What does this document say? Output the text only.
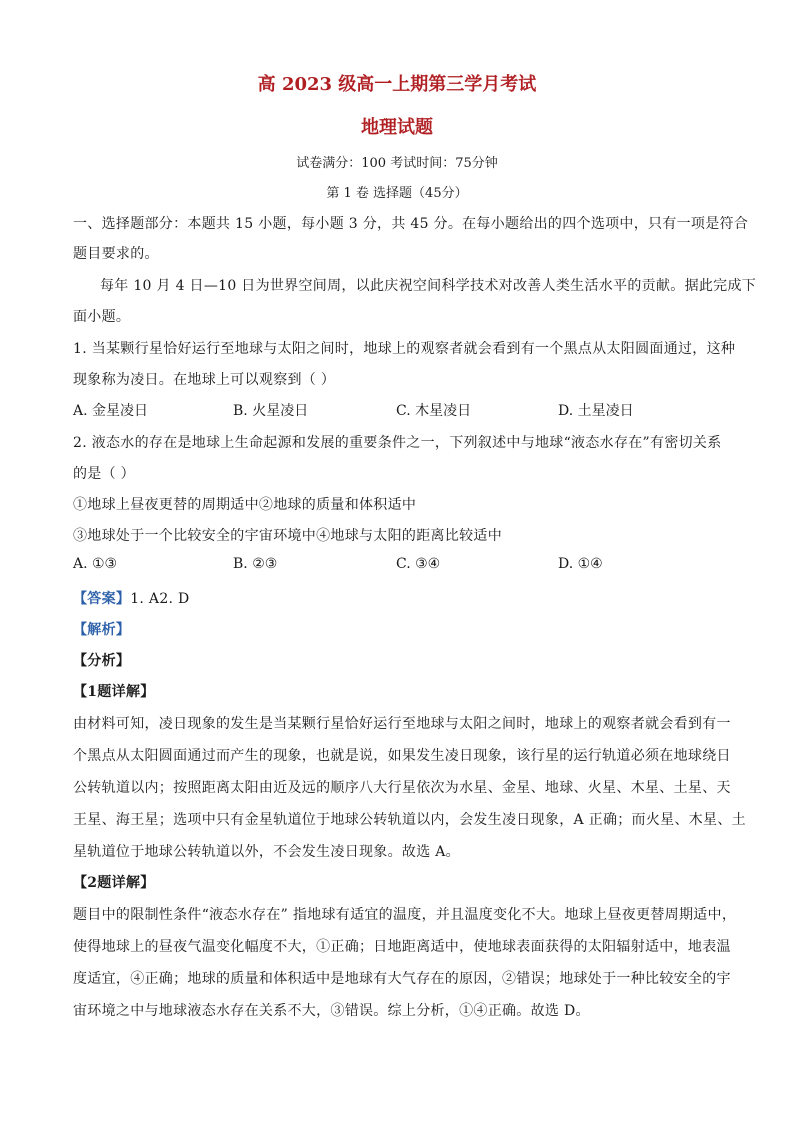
高 2023 级高一上期第三学月考试
地理试题
试卷满分：100 考试时间：75分钟
第 1 卷 选择题（45分）
一、选择题部分：本题共 15 小题，每小题 3 分，共 45 分。在每小题给出的四个选项中，只有一项是符合
题目要求的。
每年 10 月 4 日—10 日为世界空间周，以此庆祝空间科学技术对改善人类生活水平的贡献。据此完成下
面小题。
1. 当某颗行星恰好运行至地球与太阳之间时，地球上的观察者就会看到有一个黑点从太阳圆面通过，这种
现象称为凌日。在地球上可以观察到（ ）
A. 金星凌日	B. 火星凌日	C. 木星凌日	D. 土星凌日
2. 液态水的存在是地球上生命起源和发展的重要条件之一，下列叙述中与地球“液态水存在”有密切关系
的是（ ）
①地球上昼夜更替的周期适中②地球的质量和体积适中
③地球处于一个比较安全的宇宙环境中④地球与太阳的距离比较适中
A. ①③	B. ②③	C. ③④	D. ①④
【答案】1. A2. D
【解析】
【分析】
【1题详解】
由材料可知，凌日现象的发生是当某颗行星恰好运行至地球与太阳之间时，地球上的观察者就会看到有一
个黑点从太阳圆面通过而产生的现象，也就是说，如果发生凌日现象，该行星的运行轨道必须在地球绕日
公转轨道以内；按照距离太阳由近及远的顺序八大行星依次为水星、金星、地球、火星、木星、土星、天
王星、海王星；选项中只有金星轨道位于地球公转轨道以内，会发生凌日现象，A 正确；而火星、木星、土
星轨道位于地球公转轨道以外，不会发生凌日现象。故选 A。
【2题详解】
题目中的限制性条件“液态水存在” 指地球有适宜的温度，并且温度变化不大。地球上昼夜更替周期适中，
使得地球上的昼夜气温变化幅度不大，①正确；日地距离适中，使地球表面获得的太阳辐射适中，地表温
度适宜，④正确；地球的质量和体积适中是地球有大气存在的原因，②错误；地球处于一种比较安全的宇
宙环境之中与地球液态水存在关系不大，③错误。综上分析，①④正确。故选 D。
